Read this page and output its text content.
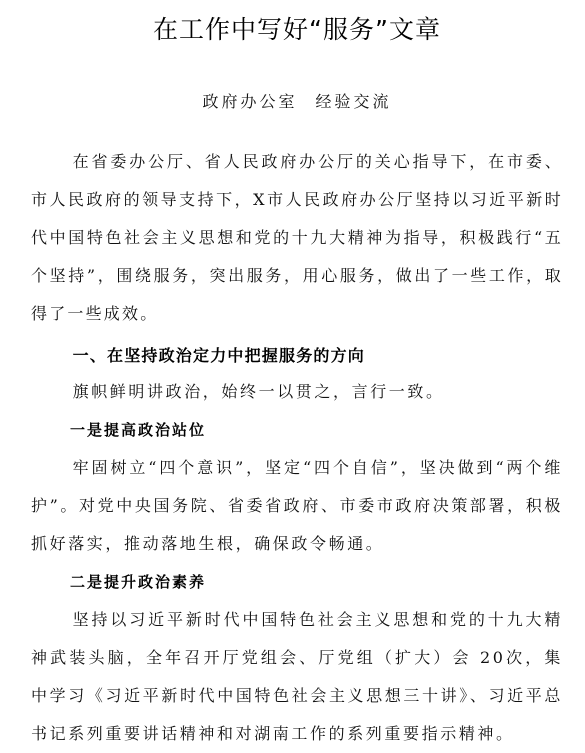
在工作中写好“服务”文章
政府办公室 经验交流

在省委办公厅、省人民政府办公厅的关心指导下，在市委、市人民政府的领导支持下，X市人民政府办公厅坚持以习近平新时代中国特色社会主义思想和党的十九大精神为指导，积极践行“五个坚持”，围绕服务，突出服务，用心服务，做出了一些工作，取得了一些成效。

一、在坚持政治定力中把握服务的方向

旗帜鲜明讲政治，始终一以贯之，言行一致。

一是提高政治站位

牢固树立“四个意识”，坚定“四个自信”，坚决做到“两个维护”。对党中央国务院、省委省政府、市委市政府决策部署，积极抓好落实，推动落地生根，确保政令畅通。

二是提升政治素养

坚持以习近平新时代中国特色社会主义思想和党的十九大精神武装头脑，全年召开厅党组会、厅党组（扩大）会 20次，集中学习《习近平新时代中国特色社会主义思想三十讲》、习近平总书记系列重要讲话精神和对湖南工作的系列重要指示精神。
